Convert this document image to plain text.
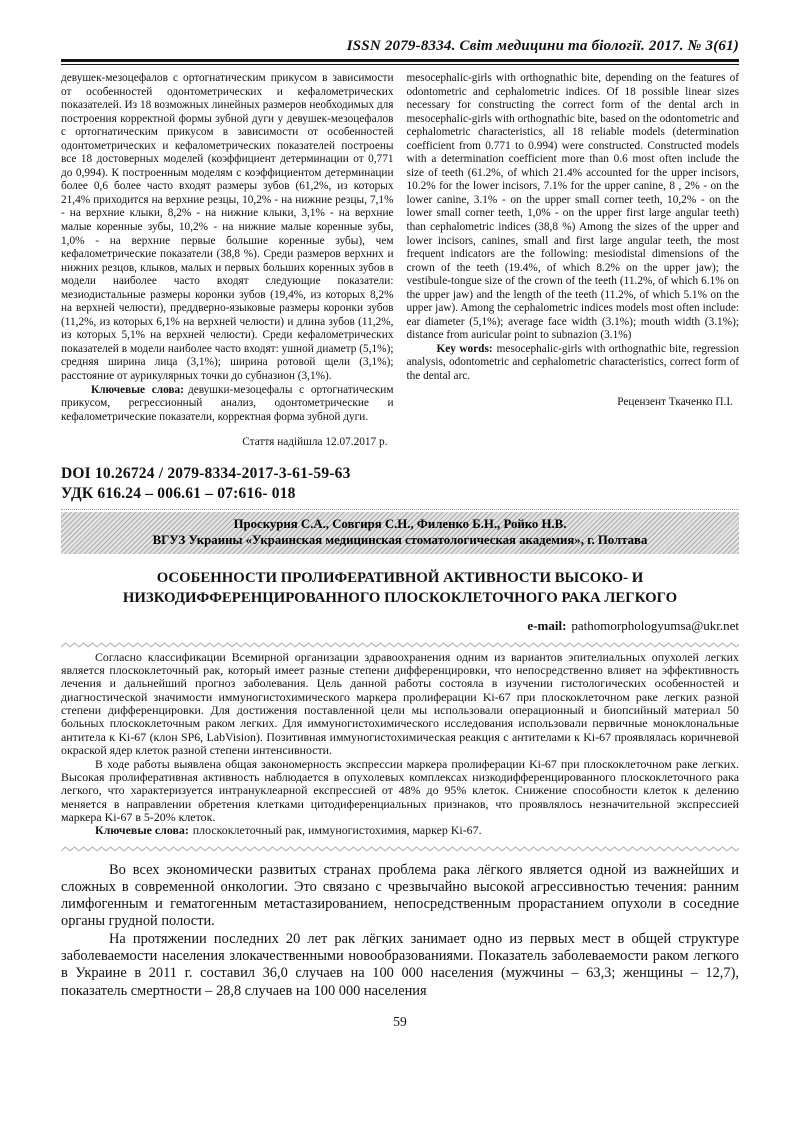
ISSN 2079-8334. Світ медицини та біології. 2017. № 3(61)

девушек-мезоцефалов с ортогнатическим прикусом в зависимости от особенностей одонтометрических и кефалометрических показателей. Из 18 возможных линейных размеров необходимых для построения корректной формы зубной дуги у девушек-мезоцефалов с ортогнатическим прикусом в зависимости от особенностей одонтометрических и кефалометрических показателей построены все 18 достоверных моделей (коэффициент детерминации от 0,771 до 0,994). К построенным моделям с коэффициентом детерминации более 0,6 более часто входят размеры зубов (61,2%, из которых 21,4% приходится на верхние резцы, 10,2% - на нижние резцы, 7,1% - на верхние клыки, 8,2% - на нижние клыки, 3,1% - на верхние малые коренные зубы, 10,2% - на нижние малые коренные зубы, 1,0% - на верхние первые большие коренные зубы), чем кефалометрические показатели (38,8 %). Среди размеров верхних и нижних резцов, клыков, малых и первых больших коренных зубов в модели наиболее часто входят следующие показатели: мезиодистальные размеры коронки зубов (19,4%, из которых 8,2% на верхней челюсти), преддверно-языковые размеры коронки зубов (11,2%, из которых 6,1% на верхней челюсти) и длина зубов (11,2%, из которых 5,1% на верхней челюсти). Среди кефалометрических показателей в модели наиболее часто входят: ушной диаметр (5,1%); средняя ширина лица (3,1%); ширина ротовой щели (3,1%); расстояние от аурикулярных точки до субназион (3,1%).

Ключевые слова: девушки-мезоцефалы с ортогнатическим прикусом, регрессионный анализ, одонтометрические и кефалометрические показатели, корректная форма зубной дуги.

Стаття надійшла 12.07.2017 р.

mesocephalic-girls with orthognathic bite, depending on the features of odontometric and cephalometric indices. Of 18 possible linear sizes necessary for constructing the correct form of the dental arch in mesocephalic-girls with orthognathic bite, based on the odontometric and cephalometric characteristics, all 18 reliable models (determination coefficient from 0.771 to 0.994) were constructed. Constructed models with a determination coefficient more than 0.6 most often include the size of teeth (61.2%, of which 21.4% accounted for the upper incisors, 10.2% for the lower incisors, 7.1% for the upper canine, 8 , 2% - on the lower canine, 3.1% - on the upper small corner teeth, 10,2% - on the lower small corner teeth, 1,0% - on the upper first large angular teeth) than cephalometric indices (38,8 %) Among the sizes of the upper and lower incisors, canines, small and first large angular teeth, the most frequent indicators are the following: mesiodistal dimensions of the crown of the teeth (19.4%, of which 8.2% on the upper jaw); the vestibule-tongue size of the crown of the teeth (11.2%, of which 6.1% on the upper jaw) and the length of the teeth (11.2%, of which 5.1% on the upper jaw). Among the cephalometric indices models most often include: ear diameter (5,1%); average face width (3.1%); mouth width (3.1%); distance from auricular point to subnazion (3.1%)

Key words: mesocephalic-girls with orthognathic bite, regression analysis, odontometric and cephalometric characteristics, correct form of the dental arc.

Рецензент Ткаченко П.І.
DOI 10.26724 / 2079-8334-2017-3-61-59-63
УДК 616.24 – 006.61 – 07:616- 018
Проскурня С.А., Совгиря С.Н., Филенко Б.Н., Ройко Н.В.
ВГУЗ Украины «Украинская медицинская стоматологическая академия», г. Полтава
ОСОБЕННОСТИ ПРОЛИФЕРАТИВНОЙ АКТИВНОСТИ ВЫСОКО- И
НИЗКОДИФФЕРЕНЦИРОВАННОГО ПЛОСКОКЛЕТОЧНОГО РАКА ЛЕГКОГО
e-mail: pathomorphologyumsa@ukr.net

Согласно классификации Всемирной организации здравоохранения одним из вариантов эпителиальных опухолей легких является плоскоклеточный рак, который имеет разные степени дифференцировки, что непосредственно влияет на эффективность лечения и дальнейший прогноз заболевания. Цель данной работы состояла в изучении гистологических особенностей и диагностической значимости иммуногистохимического маркера пролиферации Ki-67 при плоскоклеточном раке легких разной степени дифференцировки. Для достижения поставленной цели мы использовали операционный и биопсийный материал 50 больных плоскоклеточным раком легких. Для иммуногистохимического исследования использовали первичные моноклональные антитела к Ki-67 (клон SP6, LabVision). Позитивная иммуногистохимическая реакция с антителами к Ki-67 проявлялась коричневой окраской ядер клеток разной степени интенсивности.

В ходе работы выявлена общая закономерность экспрессии маркера пролиферации Ki-67 при плоскоклеточном раке легких. Высокая пролиферативная активность наблюдается в опухолевых комплексах низкодифференцированного плоскоклеточного рака легкого, что характеризуется интрануклеарной експрессией от 48% до 95% клеток. Снижение способности клеток к делению меняется в направлении обретения клетками цитодиференциальных признаков, что проявлялось незначительной экспрессией маркера Ki-67 в 5-20% клеток.

Ключевые слова: плоскоклеточный рак, иммуногистохимия, маркер Ki-67.

Во всех экономически развитых странах проблема рака лёгкого является одной из важнейших и сложных в современной онкологии. Это связано с чрезвычайно высокой агрессивностью течения: ранним лимфогенным и гематогенным метастазированием, непосредственным прорастанием опухоли в соседние органы грудной полости.

На протяжении последних 20 лет рак лёгких занимает одно из первых мест в общей структуре заболеваемости населения злокачественными новообразованиями. Показатель заболеваемости раком легкого в Украине в 2011 г. составил 36,0 случаев на 100 000 населения (мужчины – 63,3; женщины – 12,7), показатель смертности – 28,8 случаев на 100 000 населения

59
